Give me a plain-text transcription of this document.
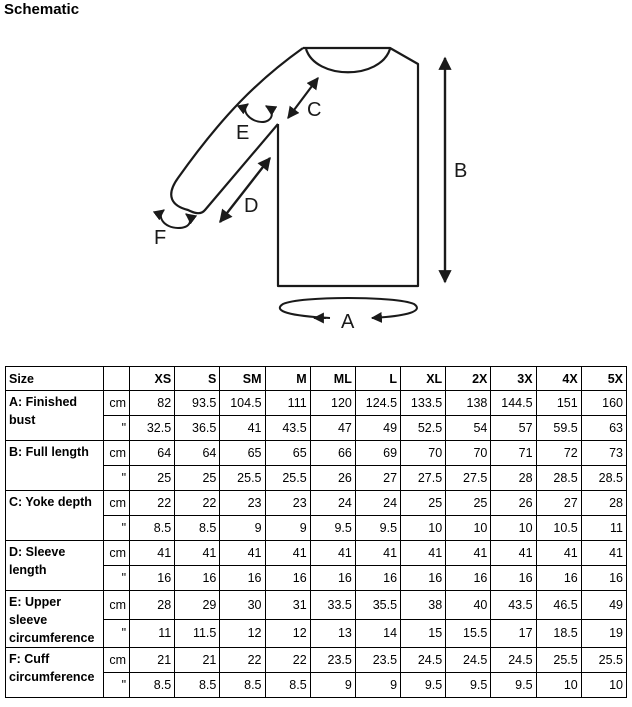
Schematic
A
B
C
D
E
F
Size		XS	S	SM	M	ML	L	XL	2X	3X	4X	5X
A: Finished bust	cm	82	93.5	104.5	111	120	124.5	133.5	138	144.5	151	160
	"	32.5	36.5	41	43.5	47	49	52.5	54	57	59.5	63
B: Full length	cm	64	64	65	65	66	69	70	70	71	72	73
	"	25	25	25.5	25.5	26	27	27.5	27.5	28	28.5	28.5
C: Yoke depth	cm	22	22	23	23	24	24	25	25	26	27	28
	"	8.5	8.5	9	9	9.5	9.5	10	10	10	10.5	11
D: Sleeve length	cm	41	41	41	41	41	41	41	41	41	41	41
	"	16	16	16	16	16	16	16	16	16	16	16
E: Upper sleeve circumference	cm	28	29	30	31	33.5	35.5	38	40	43.5	46.5	49
	"	11	11.5	12	12	13	14	15	15.5	17	18.5	19
F: Cuff circumference	cm	21	21	22	22	23.5	23.5	24.5	24.5	24.5	25.5	25.5
	"	8.5	8.5	8.5	8.5	9	9	9.5	9.5	9.5	10	10
